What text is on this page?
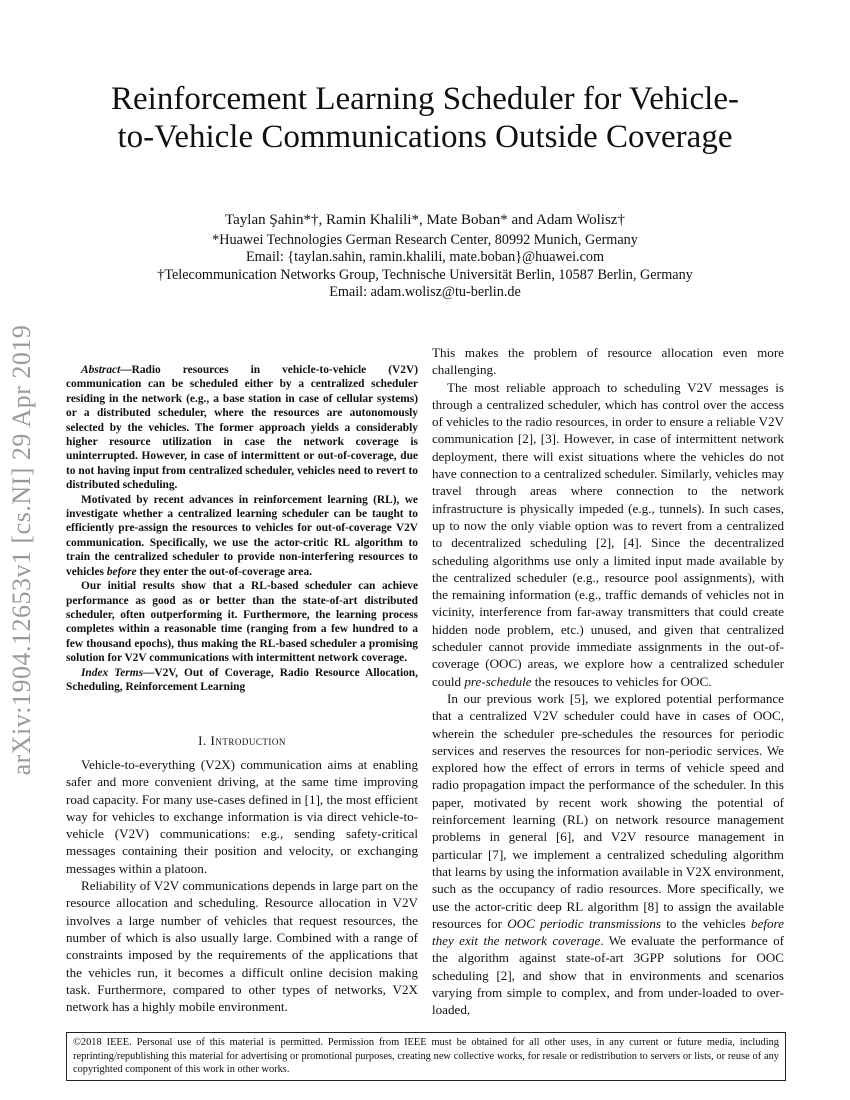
arXiv:1904.12653v1 [cs.NI] 29 Apr 2019
Reinforcement Learning Scheduler for Vehicle-to-Vehicle Communications Outside Coverage
Taylan Şahin*†, Ramin Khalili*, Mate Boban* and Adam Wolisz†
*Huawei Technologies German Research Center, 80992 Munich, Germany
Email: {taylan.sahin, ramin.khalili, mate.boban}@huawei.com
†Telecommunication Networks Group, Technische Universität Berlin, 10587 Berlin, Germany
Email: adam.wolisz@tu-berlin.de

Abstract—Radio resources in vehicle-to-vehicle (V2V) communication can be scheduled either by a centralized scheduler residing in the network (e.g., a base station in case of cellular systems) or a distributed scheduler, where the resources are autonomously selected by the vehicles. The former approach yields a considerably higher resource utilization in case the network coverage is uninterrupted. However, in case of intermittent or out-of-coverage, due to not having input from centralized scheduler, vehicles need to revert to distributed scheduling.

Motivated by recent advances in reinforcement learning (RL), we investigate whether a centralized learning scheduler can be taught to efficiently pre-assign the resources to vehicles for out-of-coverage V2V communication. Specifically, we use the actor-critic RL algorithm to train the centralized scheduler to provide non-interfering resources to vehicles before they enter the out-of-coverage area.

Our initial results show that a RL-based scheduler can achieve performance as good as or better than the state-of-art distributed scheduler, often outperforming it. Furthermore, the learning process completes within a reasonable time (ranging from a few hundred to a few thousand epochs), thus making the RL-based scheduler a promising solution for V2V communications with intermittent network coverage.

Index Terms—V2V, Out of Coverage, Radio Resource Allocation, Scheduling, Reinforcement Learning

I. Introduction

Vehicle-to-everything (V2X) communication aims at enabling safer and more convenient driving, at the same time improving road capacity. For many use-cases defined in [1], the most efficient way for vehicles to exchange information is via direct vehicle-to-vehicle (V2V) communications: e.g., sending safety-critical messages containing their position and velocity, or exchanging messages within a platoon.

Reliability of V2V communications depends in large part on the resource allocation and scheduling. Resource allocation in V2V involves a large number of vehicles that request resources, the number of which is also usually large. Combined with a range of constraints imposed by the requirements of the applications that the vehicles run, it becomes a difficult online decision making task. Furthermore, compared to other types of networks, V2X network has a highly mobile environment.

This makes the problem of resource allocation even more challenging.

The most reliable approach to scheduling V2V messages is through a centralized scheduler, which has control over the access of vehicles to the radio resources, in order to ensure a reliable V2V communication [2], [3]. However, in case of intermittent network deployment, there will exist situations where the vehicles do not have connection to a centralized scheduler. Similarly, vehicles may travel through areas where connection to the network infrastructure is physically impeded (e.g., tunnels). In such cases, up to now the only viable option was to revert from a centralized to decentralized scheduling [2], [4]. Since the decentralized scheduling algorithms use only a limited input made available by the centralized scheduler (e.g., resource pool assignments), with the remaining information (e.g., traffic demands of vehicles not in vicinity, interference from far-away transmitters that could create hidden node problem, etc.) unused, and given that centralized scheduler cannot provide immediate assignments in the out-of-coverage (OOC) areas, we explore how a centralized scheduler could pre-schedule the resouces to vehicles for OOC.

In our previous work [5], we explored potential performance that a centralized V2V scheduler could have in cases of OOC, wherein the scheduler pre-schedules the resources for periodic services and reserves the resources for non-periodic services. We explored how the effect of errors in terms of vehicle speed and radio propagation impact the performance of the scheduler. In this paper, motivated by recent work showing the potential of reinforcement learning (RL) on network resource management problems in general [6], and V2V resource management in particular [7], we implement a centralized scheduling algorithm that learns by using the information available in V2X environment, such as the occupancy of radio resources. More specifically, we use the actor-critic deep RL algorithm [8] to assign the available resources for OOC periodic transmissions to the vehicles before they exit the network coverage. We evaluate the performance of the algorithm against state-of-art 3GPP solutions for OOC scheduling [2], and show that in environments and scenarios varying from simple to complex, and from under-loaded to over-loaded,

©2018 IEEE. Personal use of this material is permitted. Permission from IEEE must be obtained for all other uses, in any current or future media, including reprinting/republishing this material for advertising or promotional purposes, creating new collective works, for resale or redistribution to servers or lists, or reuse of any copyrighted component of this work in other works.
